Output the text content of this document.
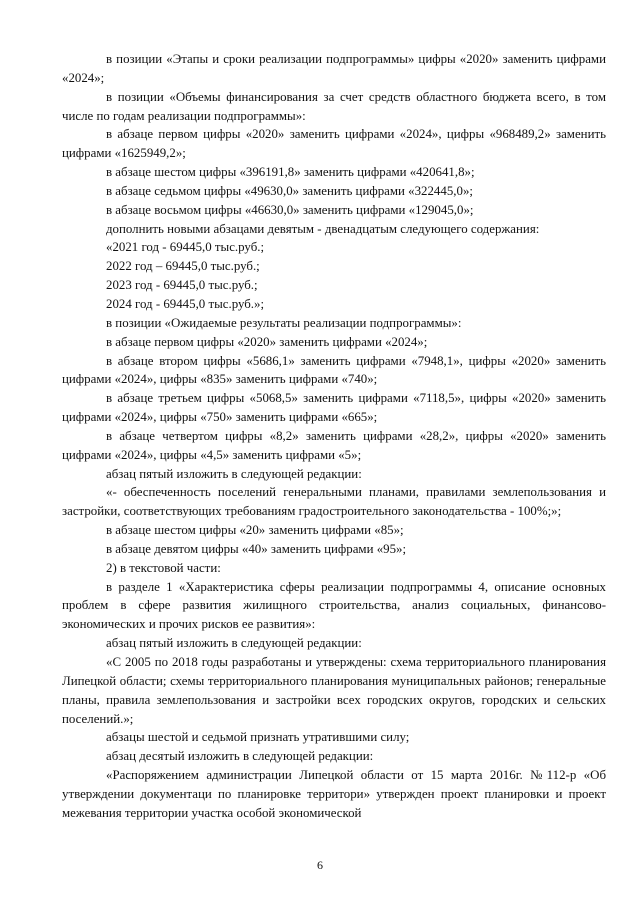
в позиции «Этапы и сроки реализации подпрограммы» цифры «2020» заменить цифрами «2024»;

в позиции «Объемы финансирования за счет средств областного бюджета всего, в том числе по годам реализации подпрограммы»:

в абзаце первом цифры «2020» заменить цифрами «2024», цифры «968489,2» заменить цифрами «1625949,2»;

в абзаце шестом цифры «396191,8» заменить цифрами «420641,8»;

в абзаце седьмом цифры «49630,0» заменить цифрами «322445,0»;

в абзаце восьмом цифры «46630,0» заменить цифрами «129045,0»;

дополнить новыми абзацами девятым - двенадцатым следующего содержания:

«2021 год - 69445,0 тыс.руб.;

2022 год – 69445,0 тыс.руб.;

2023 год - 69445,0 тыс.руб.;

2024 год - 69445,0 тыс.руб.»;

в позиции «Ожидаемые результаты реализации подпрограммы»:

в абзаце первом цифры «2020» заменить цифрами «2024»;

в абзаце втором цифры «5686,1» заменить цифрами «7948,1», цифры «2020» заменить цифрами «2024», цифры «835» заменить цифрами «740»;

в абзаце третьем цифры «5068,5» заменить цифрами «7118,5», цифры «2020» заменить цифрами «2024», цифры «750» заменить цифрами «665»;

в абзаце четвертом цифры «8,2» заменить цифрами «28,2», цифры «2020» заменить цифрами «2024», цифры «4,5» заменить цифрами «5»;

абзац пятый изложить в следующей редакции:

«- обеспеченность поселений генеральными планами, правилами землепользования и застройки, соответствующих требованиям градостроительного законодательства - 100%;»;

в абзаце шестом цифры «20» заменить цифрами «85»;

в абзаце девятом цифры «40» заменить цифрами «95»;

2) в текстовой части:

в разделе 1 «Характеристика сферы реализации подпрограммы 4, описание основных проблем в сфере развития жилищного строительства, анализ социальных, финансово-экономических и прочих рисков ее развития»:

абзац пятый изложить в следующей редакции:

«С 2005 по 2018 годы разработаны и утверждены: схема территориального планирования Липецкой области; схемы территориального планирования муниципальных районов; генеральные планы, правила землепользования и застройки всех городских округов, городских и сельских поселений.»;

абзацы шестой и седьмой признать утратившими силу;

абзац десятый изложить в следующей редакции:

«Распоряжением администрации Липецкой области от 15 марта 2016г. №112-р «Об утверждении документаци по планировке территори» утвержден проект планировки и проект межевания территории участка особой экономической

6
